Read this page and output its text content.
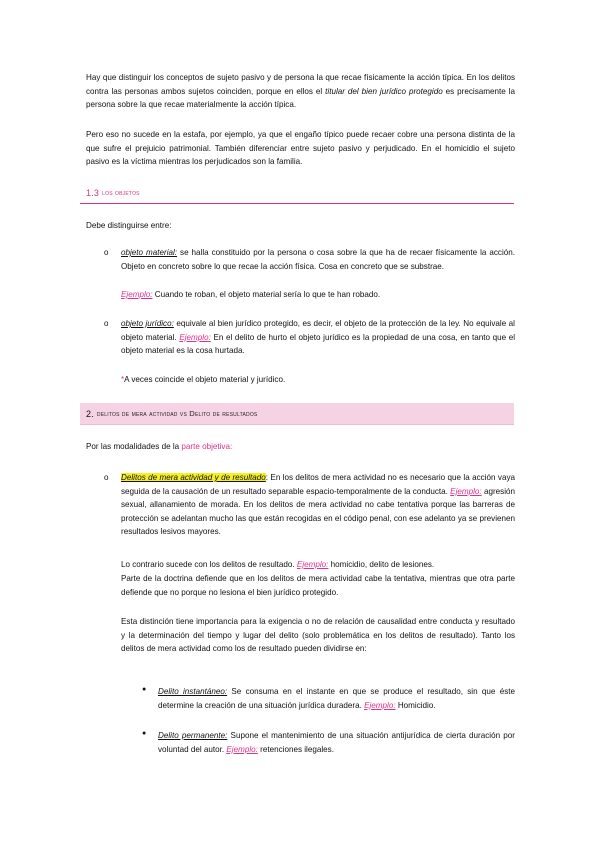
Hay que distinguir los conceptos de sujeto pasivo y de persona la que recae físicamente la acción típica. En los delitos contra las personas ambos sujetos coinciden, porque en ellos el titular del bien jurídico protegido es precisamente la persona sobre la que recae materialmente la acción típica.

Pero eso no sucede en la estafa, por ejemplo, ya que el engaño típico puede recaer cobre una persona distinta de la que sufre el prejuicio patrimonial. También diferenciar entre sujeto pasivo y perjudicado. En el homicidio el sujeto pasivo es la víctima mientras los perjudicados son la familia.

1.3 los objetos

Debe distinguirse entre:

o objeto material: se halla constituido por la persona o cosa sobre la que ha de recaer físicamente la acción. Objeto en concreto sobre lo que recae la acción física. Cosa en concreto que se substrae.

Ejemplo: Cuando te roban, el objeto material sería lo que te han robado.

o objeto jurídico: equivale al bien jurídico protegido, es decir, el objeto de la protección de la ley. No equivale al objeto material. Ejemplo: En el delito de hurto el objeto jurídico es la propiedad de una cosa, en tanto que el objeto material es la cosa hurtada.

*A veces coincide el objeto material y jurídico.

2. delitos de mera actividad vs Delito de resultados

Por las modalidades de la parte objetiva:

o Delitos de mera actividad y de resultado: En los delitos de mera actividad no es necesario que la acción vaya seguida de la causación de un resultado separable espacio-temporalmente de la conducta. Ejemplo: agresión sexual, allanamiento de morada. En los delitos de mera actividad no cabe tentativa porque las barreras de protección se adelantan mucho las que están recogidas en el código penal, con ese adelanto ya se previenen resultados lesivos mayores.

Lo contrario sucede con los delitos de resultado. Ejemplo: homicidio, delito de lesiones.

Parte de la doctrina defiende que en los delitos de mera actividad cabe la tentativa, mientras que otra parte defiende que no porque no lesiona el bien jurídico protegido.

Esta distinción tiene importancia para la exigencia o no de relación de causalidad entre conducta y resultado y la determinación del tiempo y lugar del delito (solo problemática en los delitos de resultado). Tanto los delitos de mera actividad como los de resultado pueden dividirse en:

● Delito instantáneo: Se consuma en el instante en que se produce el resultado, sin que éste determine la creación de una situación jurídica duradera. Ejemplo: Homicidio.

● Delito permanente: Supone el mantenimiento de una situación antijurídica de cierta duración por voluntad del autor. Ejemplo: retenciones ilegales.
